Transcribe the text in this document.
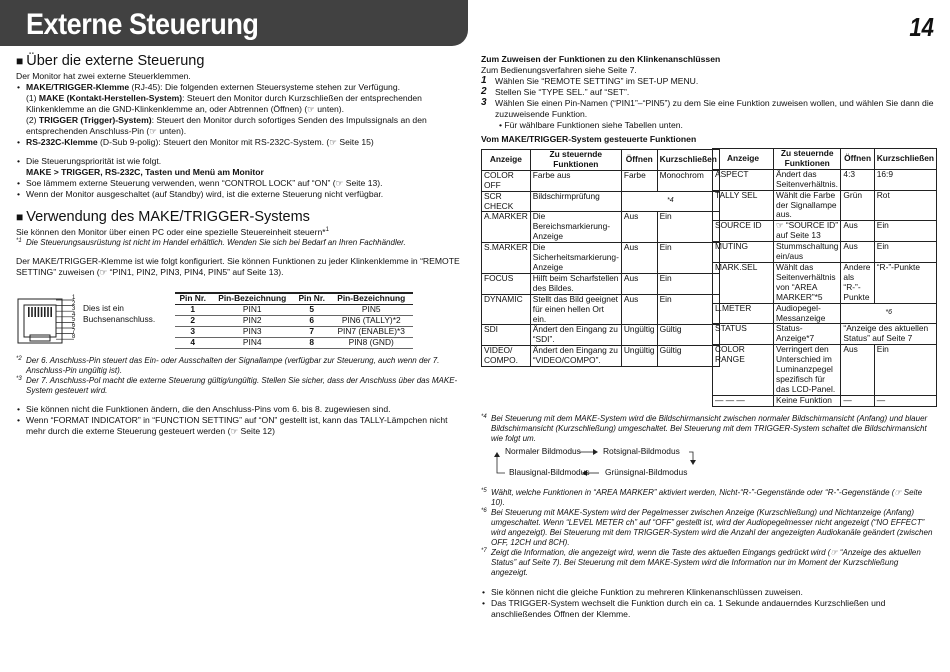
Externe Steuerung	14
■ Über die externe Steuerung

Der Monitor hat zwei externe Steuerklemmen.

• MAKE/TRIGGER-Klemme (RJ-45): Die folgenden externen Steuersysteme stehen zur Verfügung.
(1) MAKE (Kontakt-Herstellen-System): Steuert den Monitor durch Kurzschließen der entsprechenden Klinkenklemme an die GND-Klinkenklemme an, oder Abtrennen (Öffnen) (☞ unten).
(2) TRIGGER (Trigger)-System): Steuert den Monitor durch sofortiges Senden des Impulssignals an den entsprechenden Anschluss-Pin (☞ unten).
• RS-232C-Klemme (D-Sub 9-polig): Steuert den Monitor mit RS-232C-System. (☞ Seite 15)
• Die Steuerungspriorität ist wie folgt.
MAKE > TRIGGER, RS-232C, Tasten und Menü am Monitor
• Soe lämmem externe Steuerung verwenden, wenn “CONTROL LOCK” auf “ON” (☞ Seite 13).
• Wenn der Monitor ausgeschaltet (auf Standby) wird, ist die externe Steuerung nicht verfügbar.
■ Verwendung des MAKE/TRIGGER-Systems

Sie können den Monitor über einen PC oder eine spezielle Steuereinheit steuern*$^1$

*1 Die Steuerungsausrüstung ist nicht im Handel erhältlich. Wenden Sie sich bei Bedarf an Ihren Fachhändler.

Der MAKE/TRIGGER-Klemme ist wie folgt konfiguriert. Sie können Funktionen zu jeder Klinkenklemme in “REMOTE SETTING” zuweisen (☞ “PIN1, PIN2, PIN3, PIN4, PIN5” auf Seite 13).

1
2
3
4
5
6
7
8
Dies ist ein Buchsenanschluss.
Pin Nr.	Pin-Bezeichnung	Pin Nr.	Pin-Bezeichnung
1	PIN1	5	PIN5
2	PIN2	6	PIN6 (TALLY)*2
3	PIN3	7	PIN7 (ENABLE)*3
4	PIN4	8	PIN8 (GND)
*2 Der 6. Anschluss-Pin steuert das Ein- oder Ausschalten der Signallampe (verfügbar zur Steuerung, auch wenn der 7. Anschluss-Pin ungültig ist).
*3 Der 7. Anschluss-Pol macht die externe Steuerung gültig/ungültig. Stellen Sie sicher, dass der Anschluss über das MAKE-System gesteuert wird.
• Sie können nicht die Funktionen ändern, die den Anschluss-Pins vom 6. bis 8. zugewiesen sind.
• Wenn “FORMAT INDICATOR” in “FUNCTION SETTING” auf “ON” gestellt ist, kann das TALLY-Lämpchen nicht mehr durch die externe Steuerung gesteuert werden (☞ Seite 12)

Zum Zuweisen der Funktionen zu den Klinkenanschlüssen

Zum Bedienungsverfahren siehe Seite 7.

1 Wählen Sie “REMOTE SETTING” im SET-UP MENU.
2 Stellen Sie “TYPE SEL.” auf “SET”.
3 Wählen Sie einen Pin-Namen (“PIN1”–“PIN5”) zu dem Sie eine Funktion zuweisen wollen, und wählen Sie dann die zuzuweisende Funktion.
• Für wählbare Funktionen siehe Tabellen unten.

Vom MAKE/TRIGGER-System gesteuerte Funktionen

Anzeige	Zu steuernde Funktionen	Öffnen	Kurzschließen
COLOR OFF	Farbe aus	Farbe	Monochrom
SCR CHECK	Bildschirmprüfung	*4	
A.MARKER	Die Bereichsmarkierung-Anzeige	Aus	Ein
S.MARKER	Die Sicherheitsmarkierung-Anzeige	Aus	Ein
FOCUS	Hilft beim Scharfstellen des Bildes.	Aus	Ein
DYNAMIC	Stellt das Bild geeignet für einen hellen Ort ein.	Aus	Ein
SDI	Ändert den Eingang zu “SDI”.	Ungültig	Gültig
VIDEO/ COMPO.	Ändert den Eingang zu “VIDEO/COMPO”.	Ungültig	Gültig
Anzeige	Zu steuernde Funktionen	Öffnen	Kurzschließen
ASPECT	Ändert das Seitenverhältnis.	4:3	16:9
TALLY SEL	Wählt die Farbe der Signallampe aus.	Grün	Rot
SOURCE ID	☞ “SOURCE ID” auf Seite 13	Aus	Ein
MUTING	Stummschaltung ein/aus	Aus	Ein
MARK.SEL	Wählt das Seitenverhältnis von “AREA MARKER”*5	Andere als “R-”-Punkte	“R-”-Punkte
L.METER	Audiopegel-Messanzeige	*6	
STATUS	Status-Anzeige*7	“Anzeige des aktuellen Status” auf Seite 7	
COLOR RANGE	Verringert den Unterschied im Luminanzpegel spezifisch für das LCD-Panel.	Aus	Ein
— — —	Keine Funktion	—	—
*4 Bei Steuerung mit dem MAKE-System wird die Bildschirmansicht zwischen normaler Bildschirmansicht (Anfang) und blauer Bildschirmansicht (Kurzschließung) umgeschaltet. Bei Steuerung mit dem TRIGGER-System schaltet die Bildschirmansicht wie folgt um.
Normaler Bildmodus	Rotsignal-Bildmodus
Blausignal-Bildmodus Grünsignal-Bildmodus
*5 Wählt, welche Funktionen in “AREA MARKER” aktiviert werden, Nicht-“R-”-Gegenstände oder “R-”-Gegenstände (☞ Seite 10).
*6 Bei Steuerung mit MAKE-System wird der Pegelmesser zwischen Anzeige (Kurzschließung) und Nichtanzeige (Anfang) umgeschaltet. Wenn “LEVEL METER ch” auf “OFF” gestellt ist, wird der Audiopegelmesser nicht angezeigt (“NO EFFECT” wird angezeigt). Bei Steuerung mit dem TRIGGER-System wird die Anzahl der angezeigten Audiokanäle geändert (zwischen OFF, 12CH und 8CH).
*7 Zeigt die Information, die angezeigt wird, wenn die Taste des aktuellen Eingangs gedrückt wird (☞ “Anzeige des aktuellen Status” auf Seite 7). Bei Steuerung mit dem MAKE-System wird die Information nur im Moment der Kurzschließung angezeigt.
• Sie können nicht die gleiche Funktion zu mehreren Klinkenanschlüssen zuweisen.
• Das TRIGGER-System wechselt die Funktion durch ein ca. 1 Sekunde andauerndes Kurzschließen und anschließendes Öffnen der Klemme.
